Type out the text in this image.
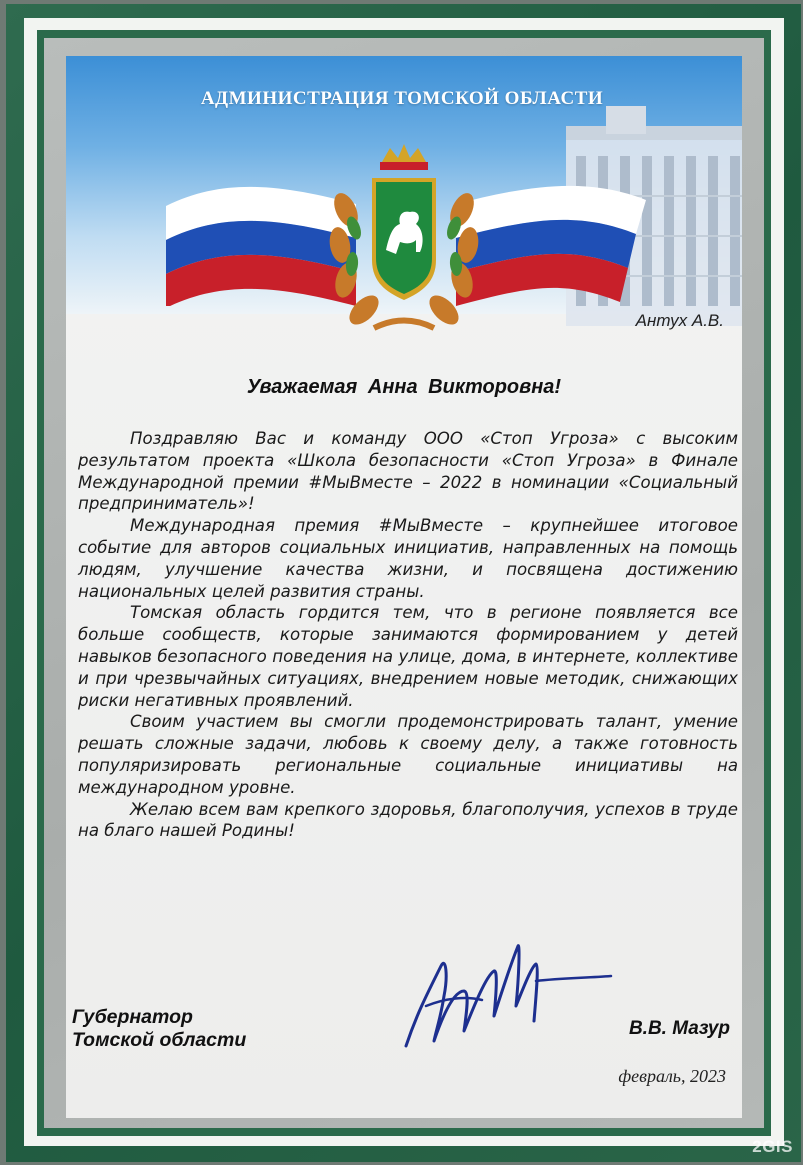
АДМИНИСТРАЦИЯ ТОМСКОЙ ОБЛАСТИ
Антух А.В.
Уважаемая Анна Викторовна!

Поздравляю Вас и команду ООО «Стоп Угроза» с высоким результатом проекта «Школа безопасности «Стоп Угроза» в Финале Международной премии #МыВместе – 2022 в номинации «Социальный предприниматель»!

Международная премия #МыВместе – крупнейшее итоговое событие для авторов социальных инициатив, направленных на помощь людям, улучшение качества жизни, и посвящена достижению национальных целей развития страны.

Томская область гордится тем, что в регионе появляется все больше сообществ, которые занимаются формированием у детей навыков безопасного поведения на улице, дома, в интернете, коллективе и при чрезвычайных ситуациях, внедрением новые методик, снижающих риски негативных проявлений.

Своим участием вы смогли продемонстрировать талант, умение решать сложные задачи, любовь к своему делу, а также готовность популяризировать региональные социальные инициативы на международном уровне.

Желаю всем вам крепкого здоровья, благополучия, успехов в труде на благо нашей Родины!

Губернатор
Томской области
В.В. Мазур
февраль, 2023
2GIS
